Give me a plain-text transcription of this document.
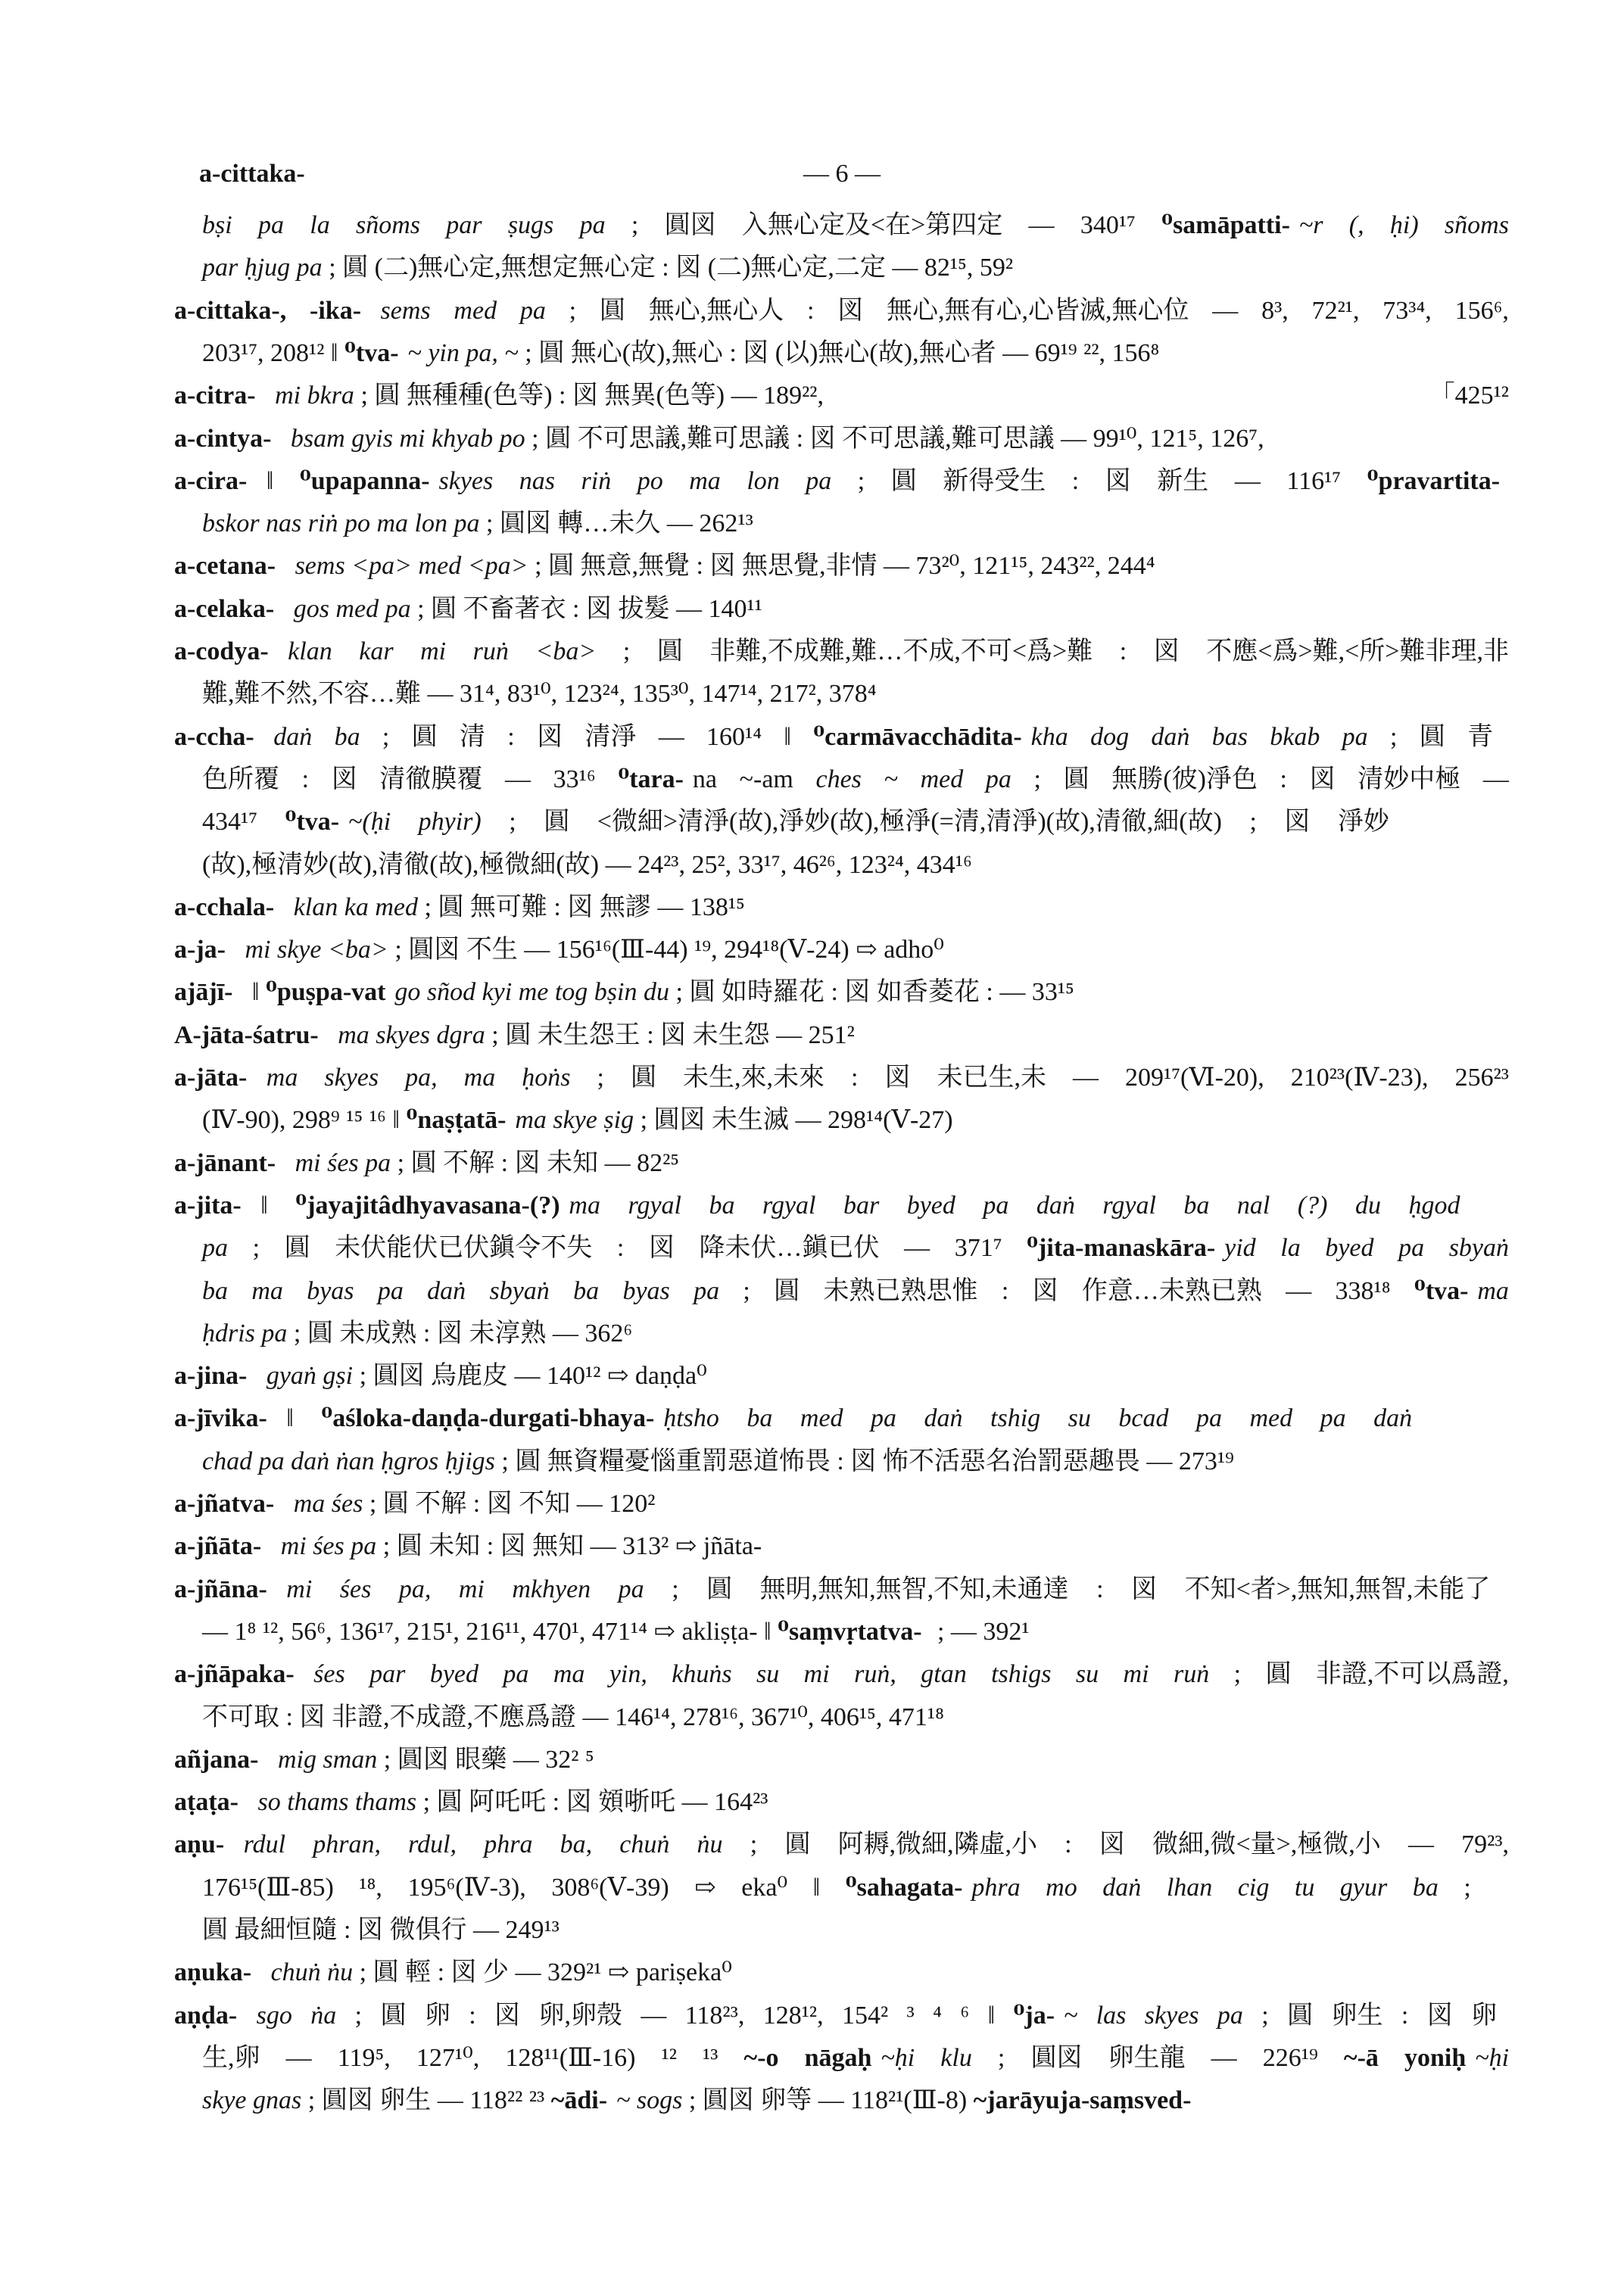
a-cittaka-	— 6 —
bṣi pa la sñoms par ṣugs pa ; 圓図 入無心定及<在>第四定 — 340¹⁷ ⁰samāpatti- ~r (, ḥi) sñoms
par ḥjug pa ; 圓 (二)無心定,無想定無心定 : 図 (二)無心定,二定 — 82¹⁵, 59²
a-cittaka-, -ika- sems med pa ; 圓 無心,無心人 : 図 無心,無有心,心皆滅,無心位 — 8³, 72²¹, 73³⁴, 156⁶,
203¹⁷, 208¹² ‖ ⁰tva- ~ yin pa, ~ ; 圓 無心(故),無心 : 図 (以)無心(故),無心者 — 69¹⁹ ²², 156⁸
a-citra- mi bkra ; 圓 無種種(色等) : 図 無異(色等) — 189²²,	「425¹²
a-cintya- bsam gyis mi khyab po ; 圓 不可思議,難可思議 : 図 不可思議,難可思議 — 99¹⁰, 121⁵, 126⁷,
a-cira- ‖ ⁰upapanna- skyes nas riṅ po ma lon pa ; 圓 新得受生 : 図 新生 — 116¹⁷ ⁰pravartita-
bskor nas riṅ po ma lon pa ; 圓図 轉…未久 — 262¹³
a-cetana- sems <pa> med <pa> ; 圓 無意,無覺 : 図 無思覺,非情 — 73²⁰, 121¹⁵, 243²², 244⁴
a-celaka- gos med pa ; 圓 不畜著衣 : 図 拔髮 — 140¹¹
a-codya- klan kar mi ruṅ <ba> ; 圓 非難,不成難,難…不成,不可<爲>難 : 図 不應<爲>難,<所>難非理,非
難,難不然,不容…難 — 31⁴, 83¹⁰, 123²⁴, 135³⁰, 147¹⁴, 217², 378⁴
a-ccha- daṅ ba ; 圓 清 : 図 清淨 — 160¹⁴ ‖ ⁰carmāvacchādita- kha dog daṅ bas bkab pa ; 圓 青
色所覆 : 図 清徹膜覆 — 33¹⁶ ⁰tara- na ~-am ches ~ med pa ; 圓 無勝(彼)淨色 : 図 清妙中極 —
434¹⁷ ⁰tva- ~(ḥi phyir) ; 圓 <微細>清淨(故),淨妙(故),極淨(=清,清淨)(故),清徹,細(故) ; 図 淨妙
(故),極清妙(故),清徹(故),極微細(故) — 24²³, 25², 33¹⁷, 46²⁶, 123²⁴, 434¹⁶
a-cchala- klan ka med ; 圓 無可難 : 図 無謬 — 138¹⁵
a-ja- mi skye <ba> ; 圓図 不生 — 156¹⁶(Ⅲ-44) ¹⁹, 294¹⁸(Ⅴ-24) ⇨ adho⁰
ajājī- ‖ ⁰puṣpa-vat go sñod kyi me tog bṣin du ; 圓 如時羅花 : 図 如香菱花 : — 33¹⁵
A-jāta-śatru- ma skyes dgra ; 圓 未生怨王 : 図 未生怨 — 251²
a-jāta- ma skyes pa, ma ḥoṅs ; 圓 未生,來,未來 : 図 未已生,未 — 209¹⁷(Ⅵ-20), 210²³(Ⅳ-23), 256²³
(Ⅳ-90), 298⁹ ¹⁵ ¹⁶ ‖ ⁰naṣṭatā- ma skye ṣig ; 圓図 未生滅 — 298¹⁴(Ⅴ-27)
a-jānant- mi śes pa ; 圓 不解 : 図 未知 — 82²⁵
a-jita- ‖ ⁰jayajitâdhyavasana-(?) ma rgyal ba rgyal bar byed pa daṅ rgyal ba nal (?) du ḥgod
pa ; 圓 未伏能伏已伏鎭令不失 : 図 降未伏…鎭已伏 — 371⁷ ⁰jita-manaskāra- yid la byed pa sbyaṅ
ba ma byas pa daṅ sbyaṅ ba byas pa ; 圓 未熟已熟思惟 : 図 作意…未熟已熟 — 338¹⁸ ⁰tva- ma
ḥdris pa ; 圓 未成熟 : 図 未淳熟 — 362⁶
a-jina- gyaṅ gṣi ; 圓図 烏鹿皮 — 140¹² ⇨ daṇḍa⁰
a-jīvika- ‖ ⁰aśloka-daṇḍa-durgati-bhaya- ḥtsho ba med pa daṅ tshig su bcad pa med pa daṅ
chad pa daṅ ṅan ḥgros ḥjigs ; 圓 無資糧憂惱重罰惡道怖畏 : 図 怖不活惡名治罰惡趣畏 — 273¹⁹
a-jñatva- ma śes ; 圓 不解 : 図 不知 — 120²
a-jñāta- mi śes pa ; 圓 未知 : 図 無知 — 313² ⇨ jñāta-
a-jñāna- mi śes pa, mi mkhyen pa ; 圓 無明,無知,無智,不知,未通達 : 図 不知<者>,無知,無智,未能了
— 1⁸ ¹², 56⁶, 136¹⁷, 215¹, 216¹¹, 470¹, 471¹⁴ ⇨ akliṣṭa- ‖ ⁰saṃvṛtatva- ; — 392¹
a-jñāpaka- śes par byed pa ma yin, khuṅs su mi ruṅ, gtan tshigs su mi ruṅ ; 圓 非證,不可以爲證,
不可取 : 図 非證,不成證,不應爲證 — 146¹⁴, 278¹⁶, 367¹⁰, 406¹⁵, 471¹⁸
añjana- mig sman ; 圓図 眼藥 — 32² ⁵
aṭaṭa- so thams thams ; 圓 阿吒吒 : 図 頞哳吒 — 164²³
aṇu- rdul phran, rdul, phra ba, chuṅ ṅu ; 圓 阿耨,微細,隣虛,小 : 図 微細,微<量>,極微,小 — 79²³,
176¹⁵(Ⅲ-85) ¹⁸, 195⁶(Ⅳ-3), 308⁶(Ⅴ-39) ⇨ eka⁰ ‖ ⁰sahagata- phra mo daṅ lhan cig tu gyur ba ;
圓 最細恒隨 : 図 微俱行 — 249¹³
aṇuka- chuṅ ṅu ; 圓 輕 : 図 少 — 329²¹ ⇨ pariṣeka⁰
aṇḍa- sgo ṅa ; 圓 卵 : 図 卵,卵殼 — 118²³, 128¹², 154² ³ ⁴ ⁶ ‖ ⁰ja- ~ las skyes pa ; 圓 卵生 : 図 卵
生,卵 — 119⁵, 127¹⁰, 128¹¹(Ⅲ-16) ¹² ¹³ ~-o nāgaḥ ~ḥi klu ; 圓図 卵生龍 — 226¹⁹ ~-ā yoniḥ ~ḥi
skye gnas ; 圓図 卵生 — 118²² ²³ ~ādi- ~ sogs ; 圓図 卵等 — 118²¹(Ⅲ-8) ~jarāyuja-saṃsved-
